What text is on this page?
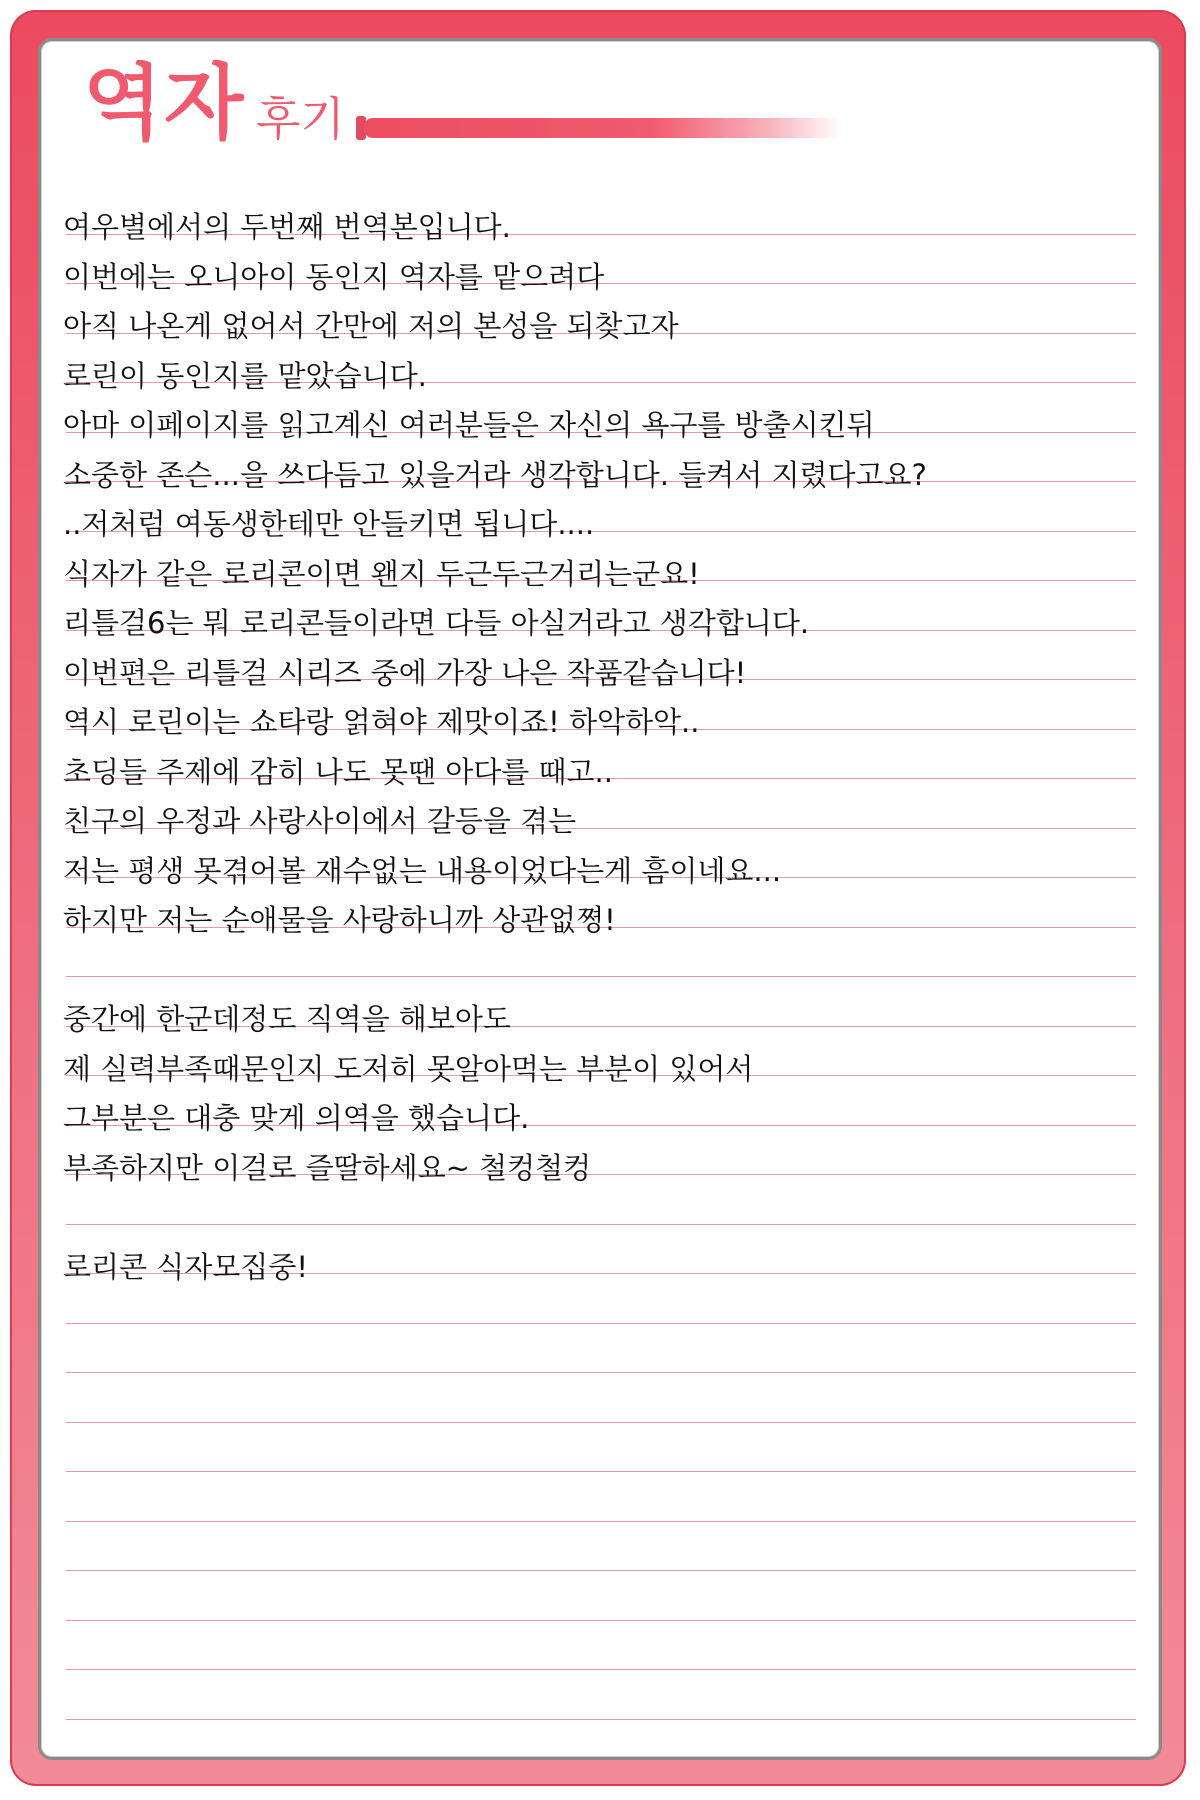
역자 후기
여우별에서의 두번째 번역본입니다.
이번에는 오니아이 동인지 역자를 맡으려다
아직 나온게 없어서 간만에 저의 본성을 되찾고자
로린이 동인지를 맡았습니다.
아마 이페이지를 읽고계신 여러분들은 자신의 욕구를 방출시킨뒤
소중한 존슨...을 쓰다듬고 있을거라 생각합니다. 들켜서 지렸다고요?
..저처럼 여동생한테만 안들키면 됩니다....
식자가 같은 로리콘이면 왠지 두근두근거리는군요!
리틀걸6는 뭐 로리콘들이라면 다들 아실거라고 생각합니다.
이번편은 리틀걸 시리즈 중에 가장 나은 작품같습니다!
역시 로린이는 쇼타랑 얽혀야 제맛이죠! 하악하악..
초딩들 주제에 감히 나도 못땐 아다를 때고..
친구의 우정과 사랑사이에서 갈등을 겪는
저는 평생 못겪어볼 재수없는 내용이었다는게 흠이네요...
하지만 저는 순애물을 사랑하니까 상관없쪙!
중간에 한군데정도 직역을 해보아도
제 실력부족때문인지 도저히 못알아먹는 부분이 있어서
그부분은 대충 맞게 의역을 했습니다.
부족하지만 이걸로 즐딸하세요~ 철컹철컹
로리콘 식자모집중!
